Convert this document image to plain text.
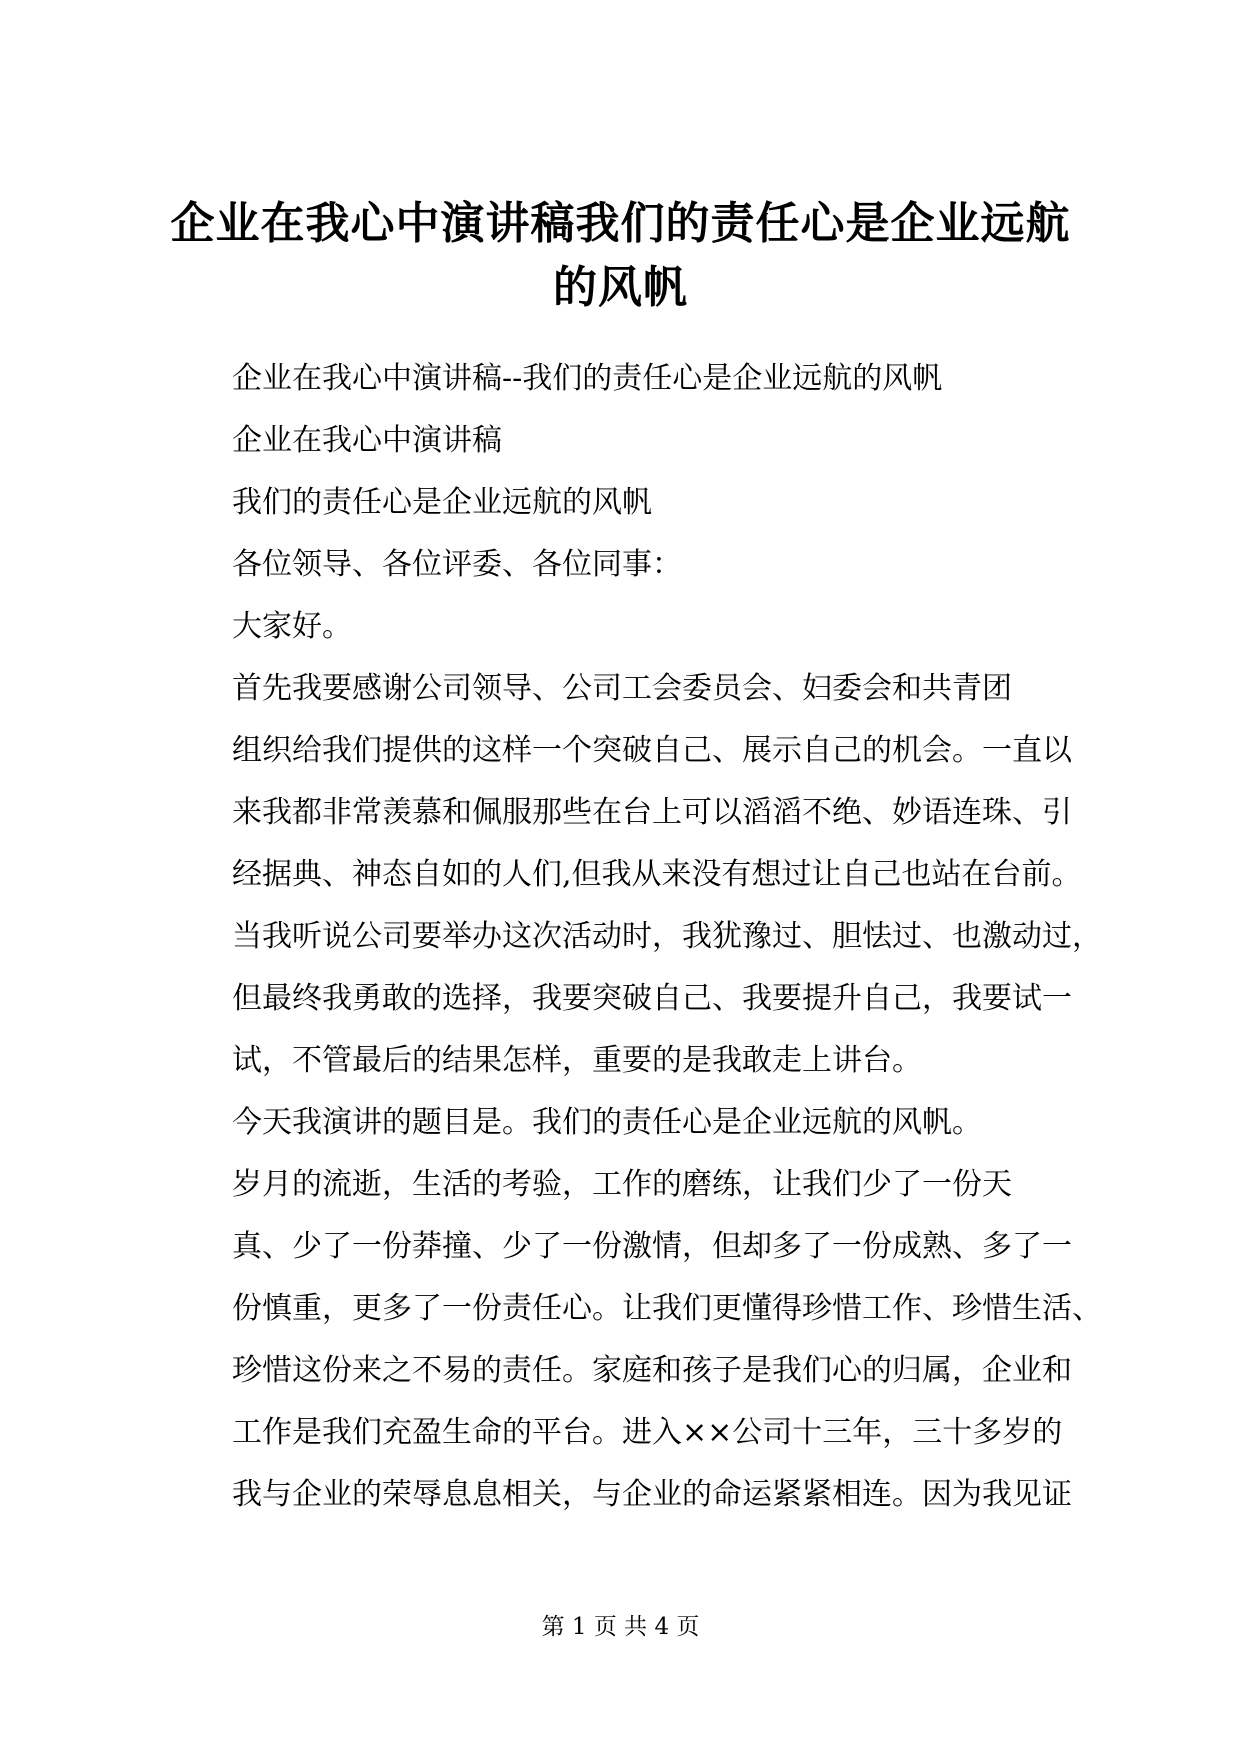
企业在我心中演讲稿我们的责任心是企业远航
的风帆

企业在我心中演讲稿--我们的责任心是企业远航的风帆

企业在我心中演讲稿

我们的责任心是企业远航的风帆

各位领导、各位评委、各位同事：

大家好。

首先我要感谢公司领导、公司工会委员会、妇委会和共青团
组织给我们提供的这样一个突破自己、展示自己的机会。一直以
来我都非常羡慕和佩服那些在台上可以滔滔不绝、妙语连珠、引
经据典、神态自如的人们,但我从来没有想过让自己也站在台前。
当我听说公司要举办这次活动时，我犹豫过、胆怯过、也激动过，
但最终我勇敢的选择，我要突破自己、我要提升自己，我要试一
试，不管最后的结果怎样，重要的是我敢走上讲台。

今天我演讲的题目是。我们的责任心是企业远航的风帆。

岁月的流逝，生活的考验，工作的磨练，让我们少了一份天
真、少了一份莽撞、少了一份激情，但却多了一份成熟、多了一
份慎重，更多了一份责任心。让我们更懂得珍惜工作、珍惜生活、
珍惜这份来之不易的责任。家庭和孩子是我们心的归属，企业和
工作是我们充盈生命的平台。进入××公司十三年，三十多岁的
我与企业的荣辱息息相关，与企业的命运紧紧相连。因为我见证

第 1 页 共 4 页
